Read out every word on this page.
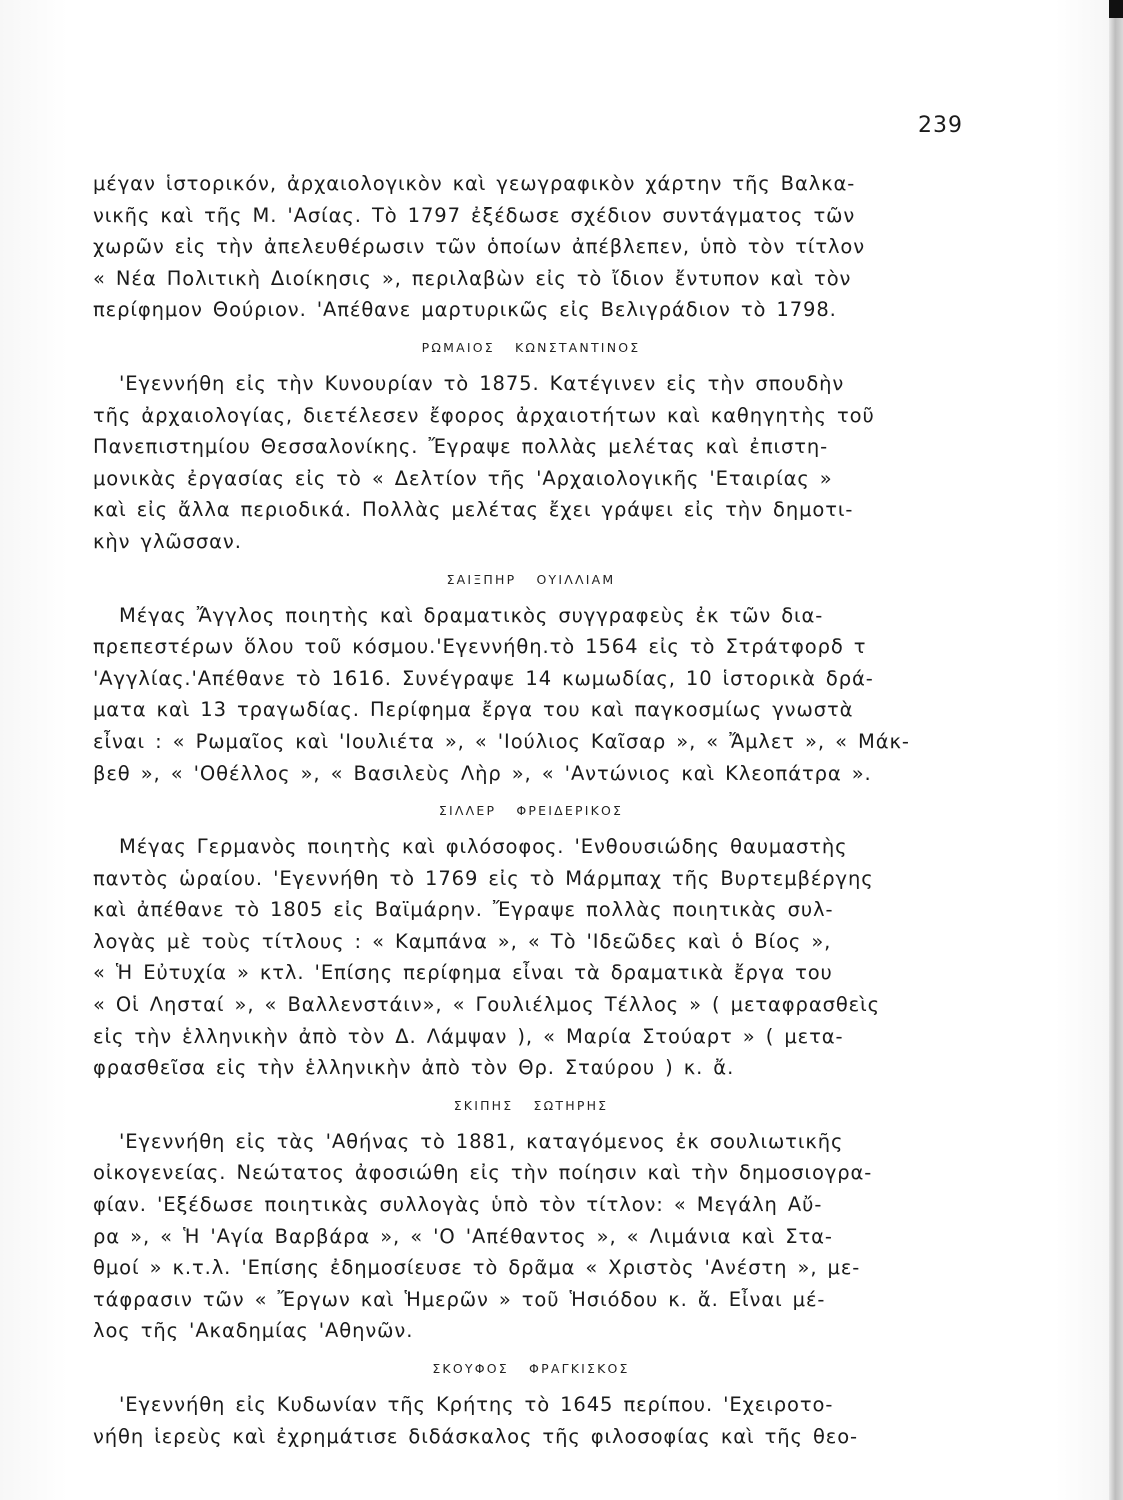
239

μέγαν ἱστορικόν, ἀρχαιολογικὸν καὶ γεωγραφικὸν χάρτην τῆς Βαλκα-
νικῆς καὶ τῆς Μ. 'Ασίας. Τὸ 1797 ἐξέδωσε σχέδιον συντάγματος τῶν
χωρῶν εἰς τὴν ἀπελευθέρωσιν τῶν ὁποίων ἀπέβλεπεν, ὑπὸ τὸν τίτλον
« Νέα Πολιτικὴ Διοίκησις », περιλαβὼν εἰς τὸ ἴδιον ἔντυπον καὶ τὸν
περίφημον Θούριον. 'Απέθανε μαρτυρικῶς εἰς Βελιγράδιον τὸ 1798.

ΡΩΜΑΙΟΣ ΚΩΝΣΤΑΝΤΙΝΟΣ

'Εγεννήθη εἰς τὴν Κυνουρίαν τὸ 1875. Κατέγινεν εἰς τὴν σπουδὴν
τῆς ἀρχαιολογίας, διετέλεσεν ἔφορος ἀρχαιοτήτων καὶ καθηγητὴς τοῦ
Πανεπιστημίου Θεσσαλονίκης. Ἔγραψε πολλὰς μελέτας καὶ ἐπιστη-
μονικὰς ἐργασίας εἰς τὸ « Δελτίον τῆς 'Αρχαιολογικῆς 'Εταιρίας »
καὶ εἰς ἄλλα περιοδικά. Πολλὰς μελέτας ἔχει γράψει εἰς τὴν δημοτι-
κὴν γλῶσσαν.

ΣΑΙΞΠΗΡ ΟΥΙΛΛΙΑΜ

Μέγας Ἄγγλος ποιητὴς καὶ δραματικὸς συγγραφεὺς ἐκ τῶν δια-
πρεπεστέρων ὅλου τοῦ κόσμου.'Εγεννήθη.τὸ 1564 εἰς τὸ Στράτφορδ τ
'Αγγλίας.'Απέθανε τὸ 1616. Συνέγραψε 14 κωμωδίας, 10 ἱστορικὰ δρά-
ματα καὶ 13 τραγωδίας. Περίφημα ἔργα του καὶ παγκοσμίως γνωστὰ
εἶναι : « Ρωμαῖος καὶ 'Ιουλιέτα », « 'Ιούλιος Καῖσαρ », « Ἄμλετ », « Μάκ-
βεθ », « 'Οθέλλος », « Βασιλεὺς Λὴρ », « 'Αντώνιος καὶ Κλεοπάτρα ».

ΣΙΛΛΕΡ ΦΡΕΙΔΕΡΙΚΟΣ

Μέγας Γερμανὸς ποιητὴς καὶ φιλόσοφος. 'Ενθουσιώδης θαυμαστὴς
παντὸς ὡραίου. 'Εγεννήθη τὸ 1769 εἰς τὸ Μάρμπαχ τῆς Βυρτεμβέργης
καὶ ἀπέθανε τὸ 1805 εἰς Βαϊμάρην. Ἔγραψε πολλὰς ποιητικὰς συλ-
λογὰς μὲ τοὺς τίτλους : « Καμπάνα », « Τὸ 'Ιδεῶδες καὶ ὁ Βίος »,
« Ἡ Εὐτυχία » κτλ. 'Επίσης περίφημα εἶναι τὰ δραματικὰ ἔργα του
« Οἱ Λησταί », « Βαλλενστάιν», « Γουλιέλμος Τέλλος » ( μεταφρασθεὶς
εἰς τὴν ἑλληνικὴν ἀπὸ τὸν Δ. Λάμψαν ), « Μαρία Στούαρτ » ( μετα-
φρασθεῖσα εἰς τὴν ἑλληνικὴν ἀπὸ τὸν Θρ. Σταύρου ) κ. ἄ.

ΣΚΙΠΗΣ ΣΩΤΗΡΗΣ

'Εγεννήθη εἰς τὰς 'Αθήνας τὸ 1881, καταγόμενος ἐκ σουλιωτικῆς
οἰκογενείας. Νεώτατος ἀφοσιώθη εἰς τὴν ποίησιν καὶ τὴν δημοσιογρα-
φίαν. 'Εξέδωσε ποιητικὰς συλλογὰς ὑπὸ τὸν τίτλον: « Μεγάλη Αὔ-
ρα », « Ἡ 'Αγία Βαρβάρα », « 'Ο 'Απέθαντος », « Λιμάνια καὶ Στα-
θμοί » κ.τ.λ. 'Επίσης ἐδημοσίευσε τὸ δρᾶμα « Χριστὸς 'Ανέστη », με-
τάφρασιν τῶν « Ἔργων καὶ Ἡμερῶν » τοῦ Ἡσιόδου κ. ἄ. Εἶναι μέ-
λος τῆς 'Ακαδημίας 'Αθηνῶν.

ΣΚΟΥΦΟΣ ΦΡΑΓΚΙΣΚΟΣ

'Εγεννήθη εἰς Κυδωνίαν τῆς Κρήτης τὸ 1645 περίπου. 'Εχειροτο-
νήθη ἱερεὺς καὶ ἐχρημάτισε διδάσκαλος τῆς φιλοσοφίας καὶ τῆς θεο-
